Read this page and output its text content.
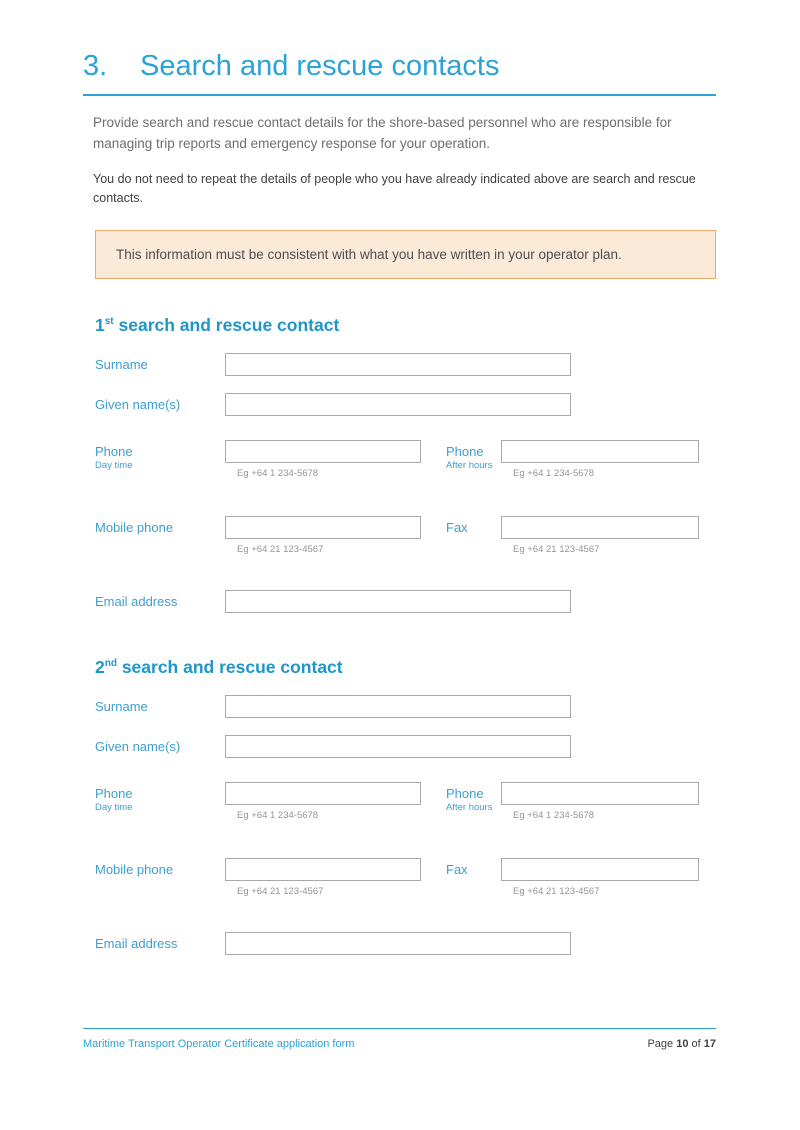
3.	Search and rescue contacts

Provide search and rescue contact details for the shore-based personnel who are responsible for managing trip reports and emergency response for your operation.

You do not need to repeat the details of people who you have already indicated above are search and rescue contacts.

This information must be consistent with what you have written in your operator plan.
1st search and rescue contact
Surname
Given name(s)
Phone
Day time
Eg +64 1 234-5678
Phone
After hours
Eg +64 1 234-5678
Mobile phone
Eg +64 21 123-4567
Fax
Eg +64 21 123-4567
Email address
2nd search and rescue contact
Surname
Given name(s)
Phone
Day time
Eg +64 1 234-5678
Phone
After hours
Eg +64 1 234-5678
Mobile phone
Eg +64 21 123-4567
Fax
Eg +64 21 123-4567
Email address
Maritime Transport Operator Certificate application form	Page 10 of 17
